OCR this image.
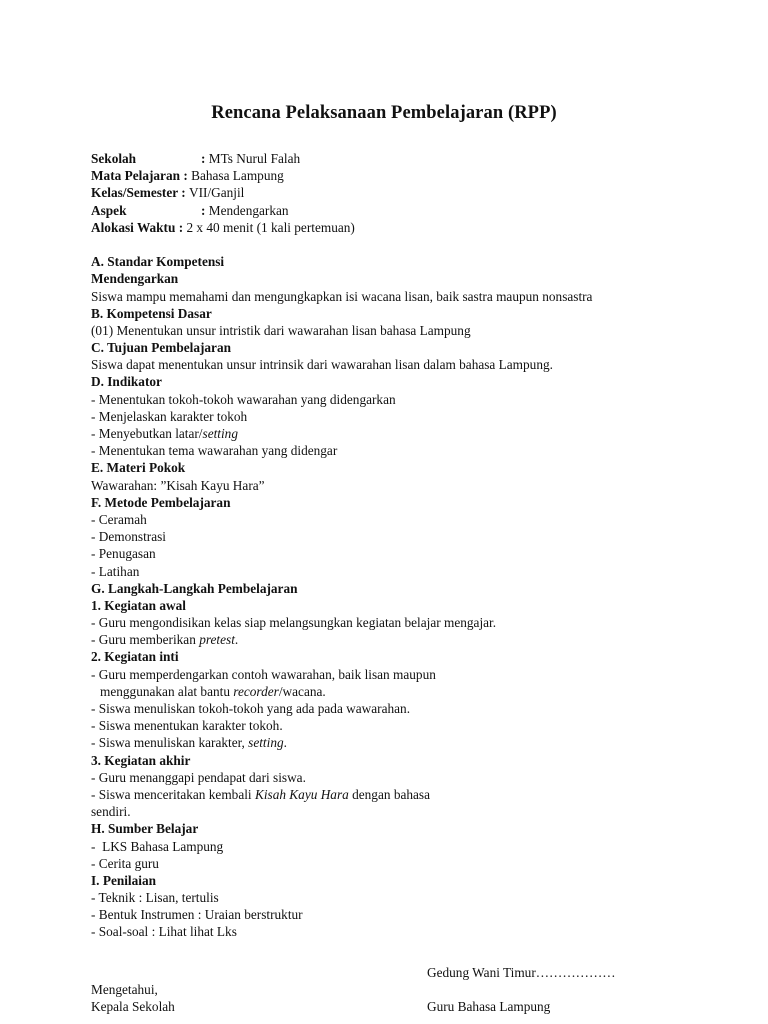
Rencana Pelaksanaan Pembelajaran (RPP)
Sekolah	: MTs Nurul Falah
Mata Pelajaran : Bahasa Lampung
Kelas/Semester : VII/Ganjil
Aspek	: Mendengarkan
Alokasi Waktu : 2 x 40 menit (1 kali pertemuan)
A. Standar Kompetensi
Mendengarkan
Siswa mampu memahami dan mengungkapkan isi wacana lisan, baik sastra maupun nonsastra
B. Kompetensi Dasar
(01) Menentukan unsur intristik dari wawarahan lisan bahasa Lampung
C. Tujuan Pembelajaran
Siswa dapat menentukan unsur intrinsik dari wawarahan lisan dalam bahasa Lampung.
D. Indikator
- Menentukan tokoh-tokoh wawarahan yang didengarkan
- Menjelaskan karakter tokoh
- Menyebutkan latar/setting
- Menentukan tema wawarahan yang didengar
E. Materi Pokok
Wawarahan: ”Kisah Kayu Hara”
F. Metode Pembelajaran
- Ceramah
- Demonstrasi
- Penugasan
- Latihan
G. Langkah-Langkah Pembelajaran
1. Kegiatan awal
- Guru mengondisikan kelas siap melangsungkan kegiatan belajar mengajar.
- Guru memberikan pretest.
2. Kegiatan inti
- Guru memperdengarkan contoh wawarahan, baik lisan maupun
menggunakan alat bantu recorder/wacana.
- Siswa menuliskan tokoh-tokoh yang ada pada wawarahan.
- Siswa menentukan karakter tokoh.
- Siswa menuliskan karakter, setting.
3. Kegiatan akhir
- Guru menanggapi pendapat dari siswa.
- Siswa menceritakan kembali Kisah Kayu Hara dengan bahasa
sendiri.
H. Sumber Belajar
-  LKS Bahasa Lampung
- Cerita guru
I. Penilaian
- Teknik : Lisan, tertulis
- Bentuk Instrumen : Uraian berstruktur
- Soal-soal : Lihat lihat Lks
Gedung Wani Timur………………
Mengetahui,
Kepala Sekolah	Guru Bahasa Lampung
